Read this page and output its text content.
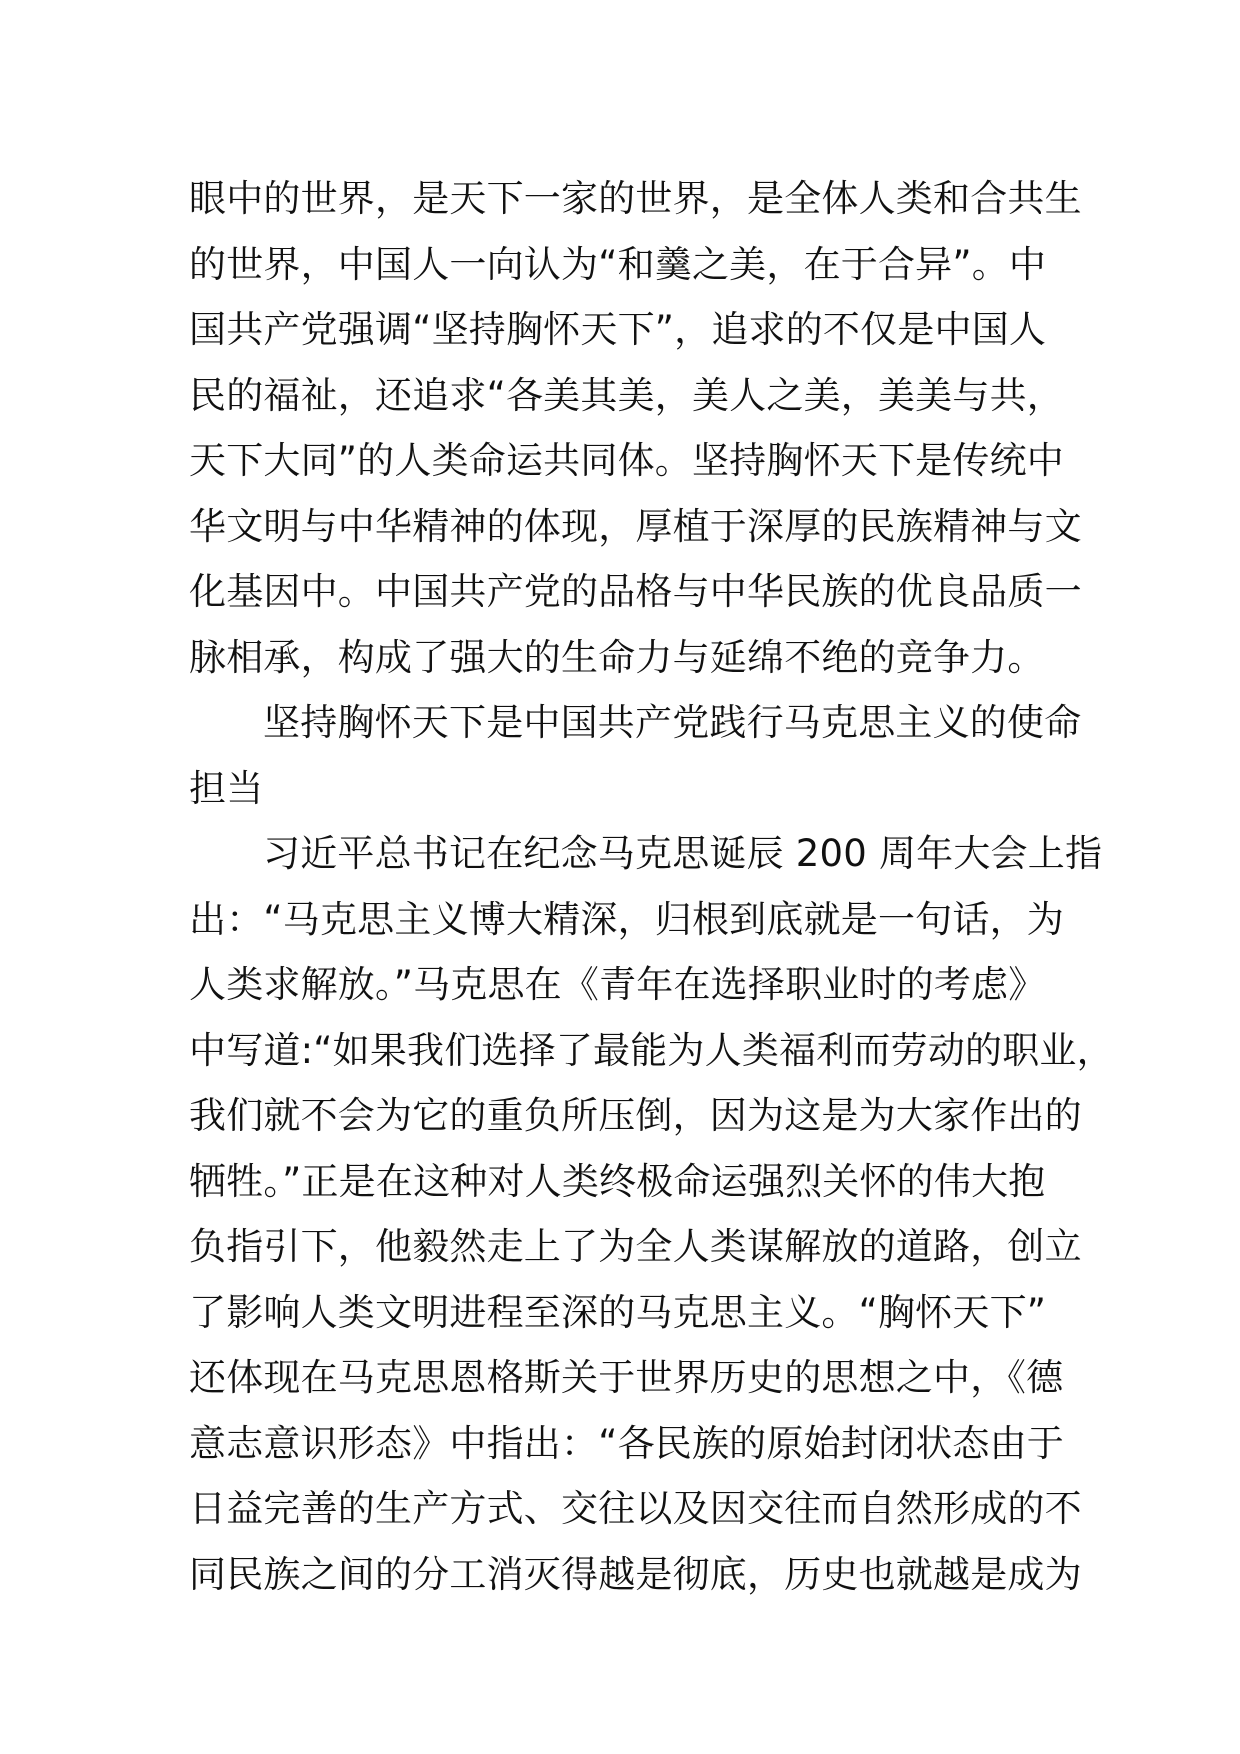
眼中的世界，是天下一家的世界，是全体人类和合共生
的世界，中国人一向认为“和羹之美，在于合异”。中
国共产党强调“坚持胸怀天下”，追求的不仅是中国人
民的福祉，还追求“各美其美，美人之美，美美与共，
天下大同”的人类命运共同体。坚持胸怀天下是传统中
华文明与中华精神的体现，厚植于深厚的民族精神与文
化基因中。中国共产党的品格与中华民族的优良品质一
脉相承，构成了强大的生命力与延绵不绝的竞争力。
坚持胸怀天下是中国共产党践行马克思主义的使命
担当
习近平总书记在纪念马克思诞辰 200 周年大会上指
出：“马克思主义博大精深，归根到底就是一句话，为
人类求解放。”马克思在《青年在选择职业时的考虑》
中写道:“如果我们选择了最能为人类福利而劳动的职业，
我们就不会为它的重负所压倒，因为这是为大家作出的
牺牲。”正是在这种对人类终极命运强烈关怀的伟大抱
负指引下，他毅然走上了为全人类谋解放的道路，创立
了影响人类文明进程至深的马克思主义。“胸怀天下”
还体现在马克思恩格斯关于世界历史的思想之中，《德
意志意识形态》中指出：“各民族的原始封闭状态由于
日益完善的生产方式、交往以及因交往而自然形成的不
同民族之间的分工消灭得越是彻底，历史也就越是成为
